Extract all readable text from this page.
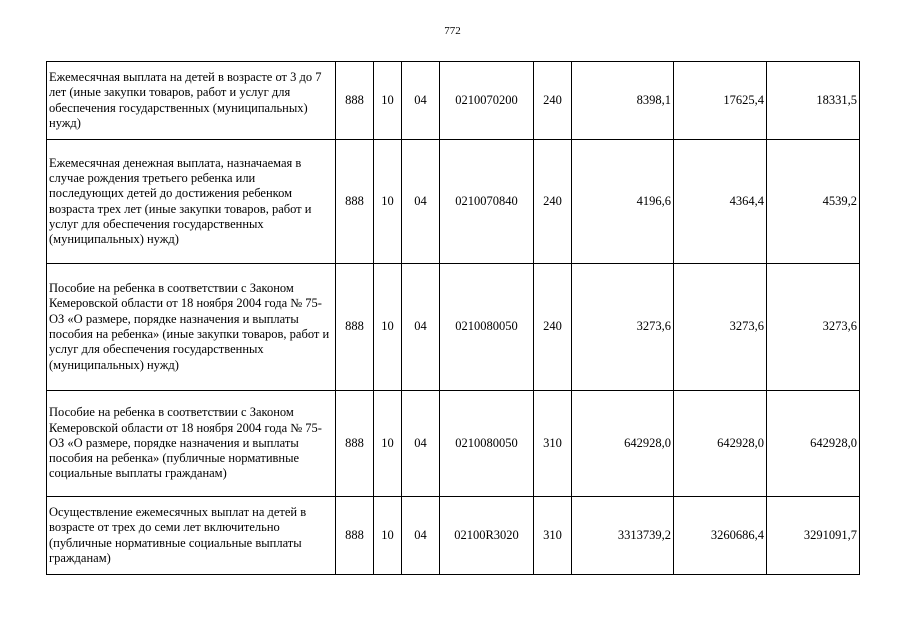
772
Ежемесячная выплата на детей в возрасте от 3 до 7 лет (иные закупки товаров, работ и услуг для обеспечения государственных (муниципальных) нужд)	888	10	04	0210070200	240	8398,1	17625,4	18331,5
Ежемесячная денежная выплата, назначаемая в случае рождения третьего ребенка или последующих детей до достижения ребенком возраста трех лет (иные закупки товаров, работ и услуг для обеспечения государственных (муниципальных) нужд)	888	10	04	0210070840	240	4196,6	4364,4	4539,2
Пособие на ребенка в соответствии с Законом Кемеровской области от 18 ноября 2004 года № 75-ОЗ «О размере, порядке назначения и выплаты пособия на ребенка» (иные закупки товаров, работ и услуг для обеспечения государственных (муниципальных) нужд)	888	10	04	0210080050	240	3273,6	3273,6	3273,6
Пособие на ребенка в соответствии с Законом Кемеровской области от 18 ноября 2004 года № 75-ОЗ «О размере, порядке назначения и выплаты пособия на ребенка» (публичные нормативные социальные выплаты гражданам)	888	10	04	0210080050	310	642928,0	642928,0	642928,0
Осуществление ежемесячных выплат на детей в возрасте от трех до семи лет включительно (публичные нормативные социальные выплаты гражданам)	888	10	04	02100R3020	310	3313739,2	3260686,4	3291091,7
